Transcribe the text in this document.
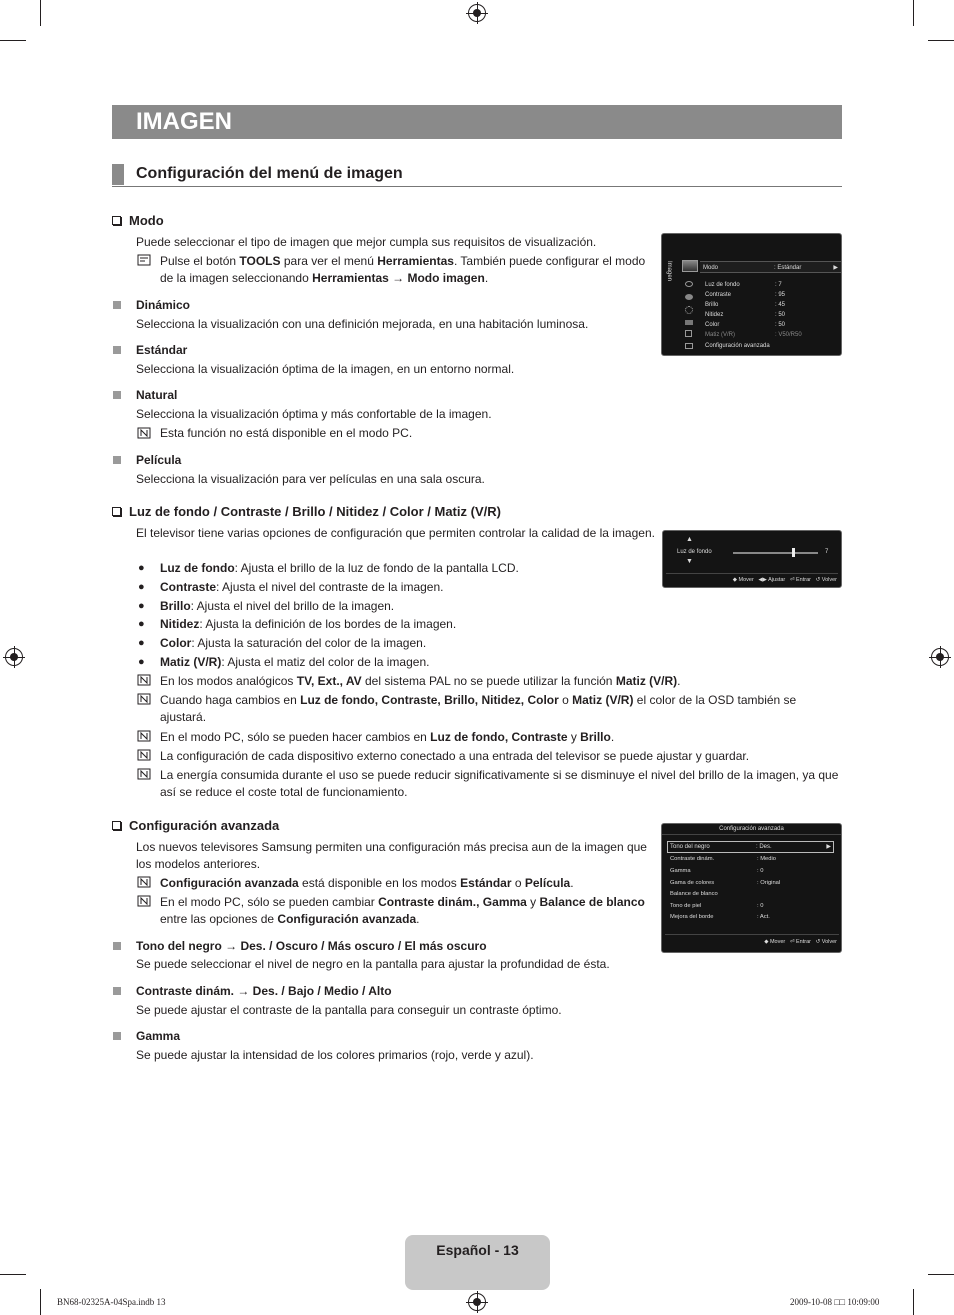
IMAGEN
Configuración del menú de imagen
Modo
Puede seleccionar el tipo de imagen que mejor cumpla sus requisitos de visualización.
Pulse el botón TOOLS para ver el menú Herramientas. También puede configurar el modo de la imagen seleccionando Herramientas → Modo imagen.
Dinámico
Selecciona la visualización con una definición mejorada, en una habitación luminosa.
Estándar
Selecciona la visualización óptima de la imagen, en un entorno normal.
Natural
Selecciona la visualización óptima y más confortable de la imagen.
Esta función no está disponible en el modo PC.
Película
Selecciona la visualización para ver películas en una sala oscura.
Imagen	Modo	: Estándar	▶
Luz de fondo	: 7
Contraste	: 95
Brillo	: 45
Nitidez	: 50
Color	: 50
Matiz (V/R)	: V50/R50
Configuración avanzada
Luz de fondo / Contraste / Brillo / Nitidez / Color / Matiz (V/R)
El televisor tiene varias opciones de configuración que permiten controlar la calidad de la imagen.
● Luz de fondo: Ajusta el brillo de la luz de fondo de la pantalla LCD.
● Contraste: Ajusta el nivel del contraste de la imagen.
● Brillo: Ajusta el nivel del brillo de la imagen.
● Nitidez: Ajusta la definición de los bordes de la imagen.
● Color: Ajusta la saturación del color de la imagen.
● Matiz (V/R): Ajusta el matiz del color de la imagen.
En los modos analógicos TV, Ext., AV del sistema PAL no se puede utilizar la función Matiz (V/R).
Cuando haga cambios en Luz de fondo, Contraste, Brillo, Nitidez, Color o Matiz (V/R) el color de la OSD también se ajustará.
En el modo PC, sólo se pueden hacer cambios en Luz de fondo, Contraste y Brillo.
La configuración de cada dispositivo externo conectado a una entrada del televisor se puede ajustar y guardar.
La energía consumida durante el uso se puede reducir significativamente si se disminuye el nivel del brillo de la imagen, ya que así se reduce el coste total de funcionamiento.
▲
Luz de fondo
▼
7
◆ Mover ◀▶ Ajustar ⏎ Entrar ↺ Volver
Configuración avanzada
Los nuevos televisores Samsung permiten una configuración más precisa aun de la imagen que los modelos anteriores.
Configuración avanzada está disponible en los modos Estándar o Película.
En el modo PC, sólo se pueden cambiar Contraste dinám., Gamma y Balance de blanco entre las opciones de Configuración avanzada.
Tono del negro → Des. / Oscuro / Más oscuro / El más oscuro
Se puede seleccionar el nivel de negro en la pantalla para ajustar la profundidad de ésta.
Contraste dinám. → Des. / Bajo / Medio / Alto
Se puede ajustar el contraste de la pantalla para conseguir un contraste óptimo.
Gamma
Se puede ajustar la intensidad de los colores primarios (rojo, verde y azul).
Configuración avanzada
Tono del negro	: Des.	▶
Contraste dinám.	: Medio
Gamma	: 0
Gama de colores	: Original
Balance de blanco
Tono de piel	: 0
Mejora del borde	: Act.
◆ Mover ⏎ Entrar ↺ Volver
Español - 13
BN68-02325A-04Spa.indb 13	2009-10-08 □□ 10:09:00
